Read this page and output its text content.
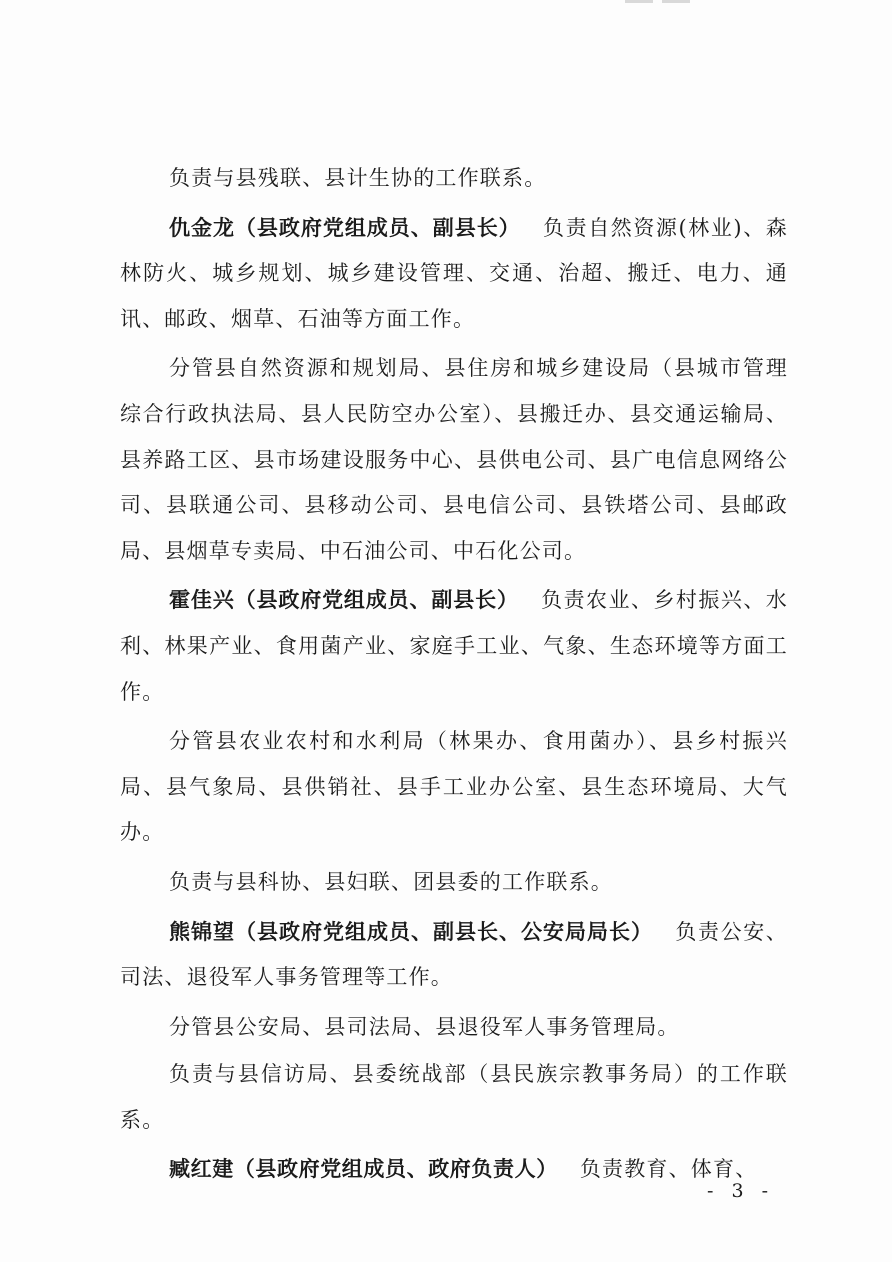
负责与县残联、县计生协的工作联系。

仇金龙（县政府党组成员、副县长） 负责自然资源(林业)、森林防火、城乡规划、城乡建设管理、交通、治超、搬迁、电力、通讯、邮政、烟草、石油等方面工作。

分管县自然资源和规划局、县住房和城乡建设局（县城市管理综合行政执法局、县人民防空办公室）、县搬迁办、县交通运输局、县养路工区、县市场建设服务中心、县供电公司、县广电信息网络公司、县联通公司、县移动公司、县电信公司、县铁塔公司、县邮政局、县烟草专卖局、中石油公司、中石化公司。

霍佳兴（县政府党组成员、副县长） 负责农业、乡村振兴、水利、林果产业、食用菌产业、家庭手工业、气象、生态环境等方面工作。

分管县农业农村和水利局（林果办、食用菌办）、县乡村振兴局、县气象局、县供销社、县手工业办公室、县生态环境局、大气办。

负责与县科协、县妇联、团县委的工作联系。

熊锦望（县政府党组成员、副县长、公安局局长） 负责公安、司法、退役军人事务管理等工作。

分管县公安局、县司法局、县退役军人事务管理局。

负责与县信访局、县委统战部（县民族宗教事务局）的工作联系。

臧红建（县政府党组成员、政府负责人） 负责教育、体育、

- 3 -
